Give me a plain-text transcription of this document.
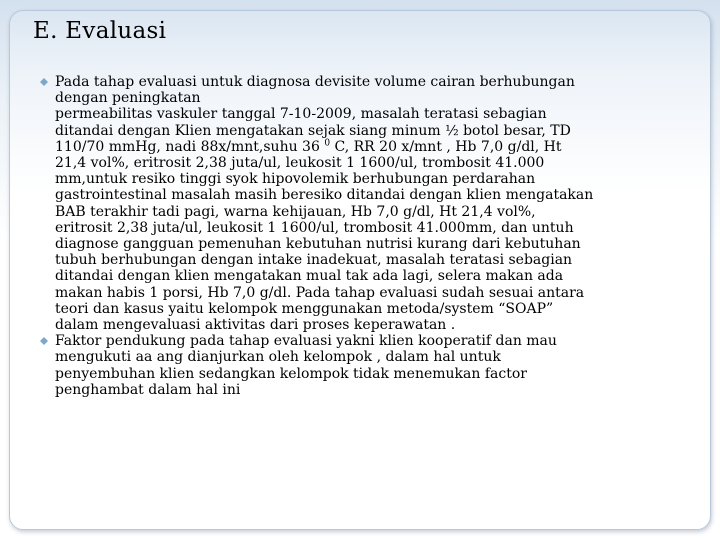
E. Evaluasi
Pada tahap evaluasi untuk diagnosa devisite volume cairan berhubungan
dengan peningkatan
permeabilitas vaskuler tanggal 7-10-2009, masalah teratasi sebagian
ditandai dengan Klien mengatakan sejak siang minum ½ botol besar, TD
110/70 mmHg, nadi 88x/mnt,suhu 36 $^0$ C, RR 20 x/mnt , Hb 7,0 g/dl, Ht
21,4 vol%, eritrosit 2,38 juta/ul, leukosit 1 1600/ul, trombosit 41.000
mm,untuk resiko tinggi syok hipovolemik berhubungan perdarahan
gastrointestinal masalah masih beresiko ditandai dengan klien mengatakan
BAB terakhir tadi pagi, warna kehijauan, Hb 7,0 g/dl, Ht 21,4 vol%,
eritrosit 2,38 juta/ul, leukosit 1 1600/ul, trombosit 41.000mm, dan untuh
diagnose gangguan pemenuhan kebutuhan nutrisi kurang dari kebutuhan
tubuh berhubungan dengan intake inadekuat, masalah teratasi sebagian
ditandai dengan klien mengatakan mual tak ada lagi, selera makan ada
makan habis 1 porsi, Hb 7,0 g/dl. Pada tahap evaluasi sudah sesuai antara
teori dan kasus yaitu kelompok menggunakan metoda/system “SOAP”
dalam mengevaluasi aktivitas dari proses keperawatan .
Faktor pendukung pada tahap evaluasi yakni klien kooperatif dan mau
mengukuti aa ang dianjurkan oleh kelompok , dalam hal untuk
penyembuhan klien sedangkan kelompok tidak menemukan factor
penghambat dalam hal ini
